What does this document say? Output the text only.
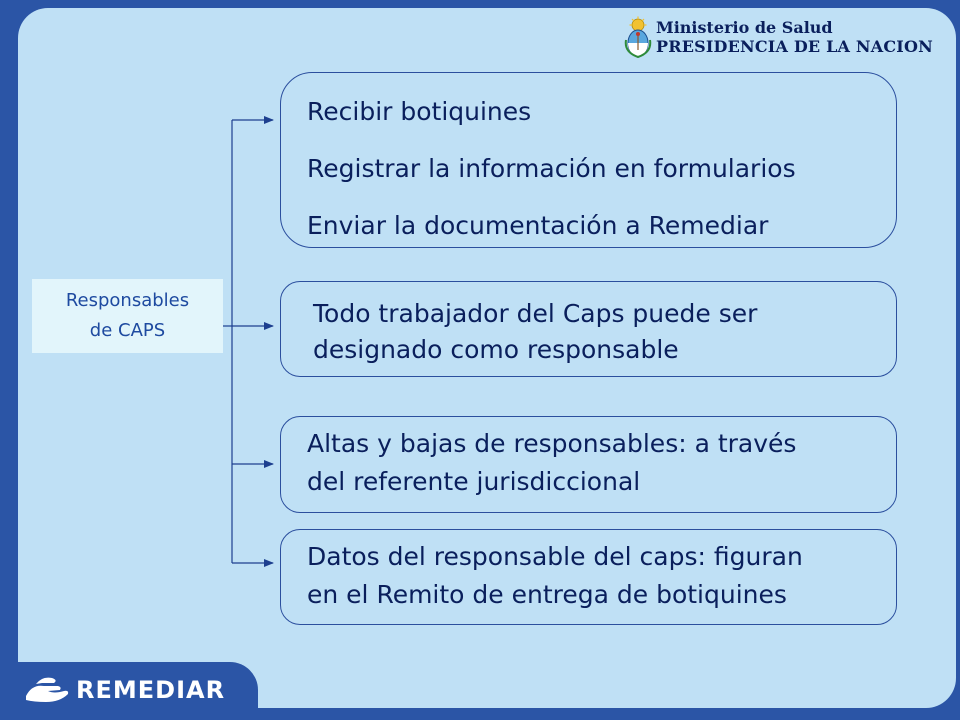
Ministerio de Salud
PRESIDENCIA DE LA NACION
Responsables
de CAPS
Recibir botiquines
Registrar la información en formularios
Enviar la documentación a Remediar
Todo trabajador del Caps puede ser
designado como responsable
Altas y bajas de responsables: a través
del referente jurisdiccional
Datos del responsable del caps: figuran
en el Remito de entrega de botiquines
REMEDIAR
